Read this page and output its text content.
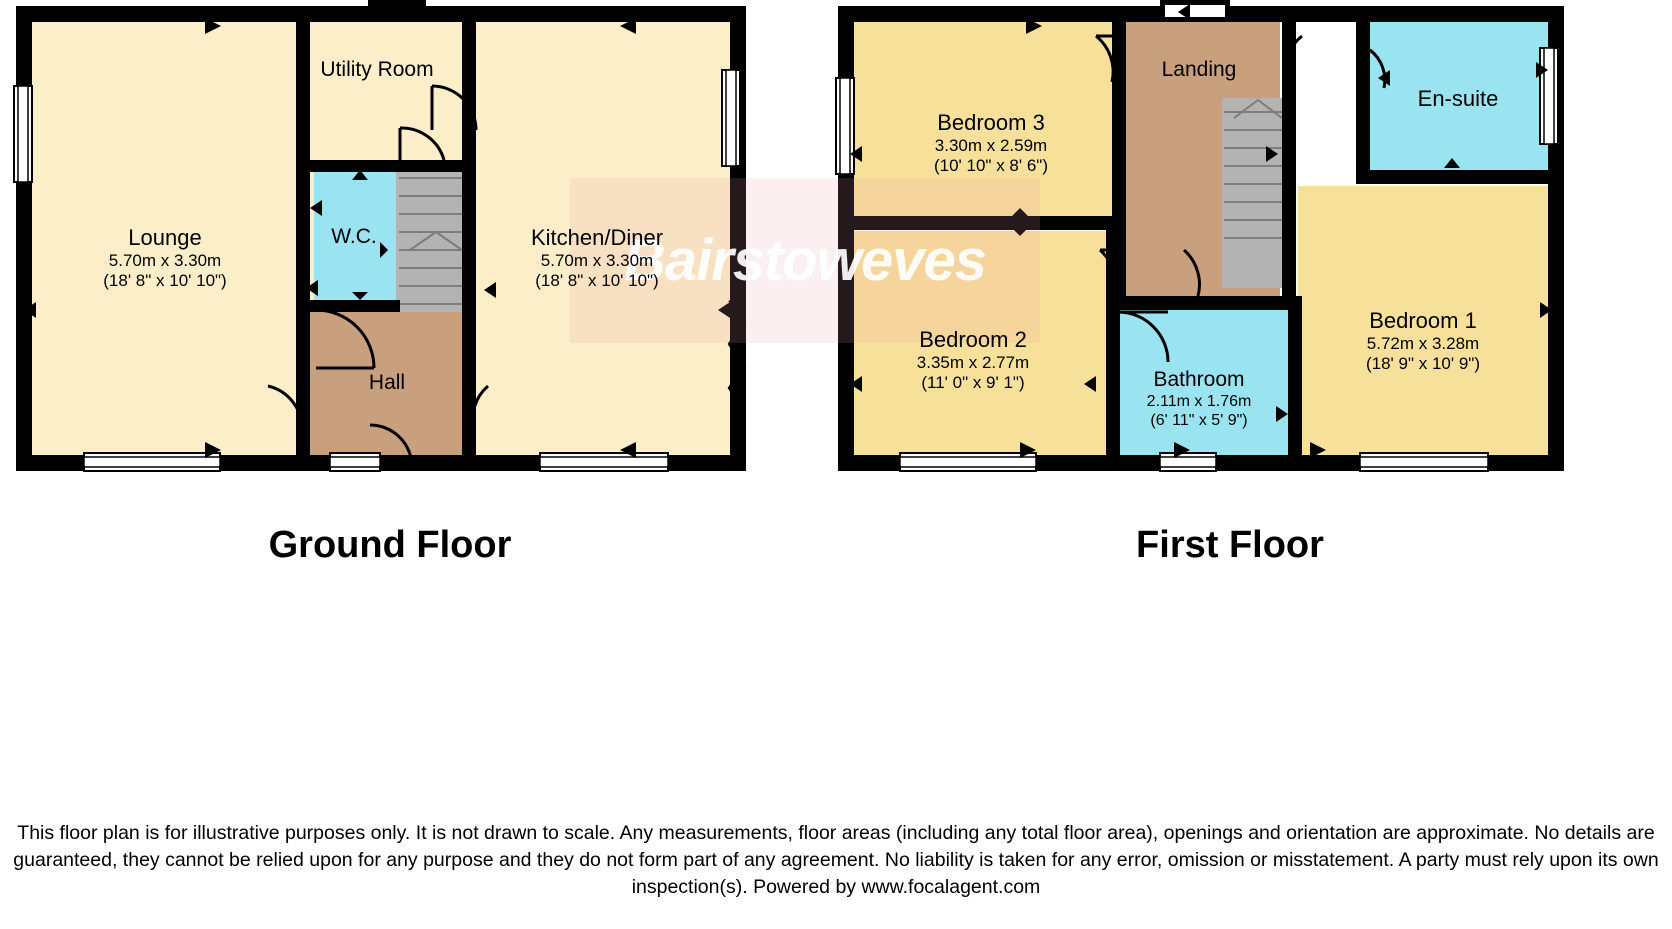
Bairstoweves
Lounge
5.70m x 3.30m
(18' 8" x 10' 10")
Utility Room
W.C.	Kitchen/Diner
5.70m x 3.30m
(18' 8" x 10' 10")
Hall
Landing
En-suite
Bedroom 3
3.30m x 2.59m
(10' 10" x 8' 6")
Bedroom 2
3.35m x 2.77m
(11' 0" x 9' 1")	Bathroom
2.11m x 1.76m
(6' 11" x 5' 9")
Bedroom 1
5.72m x 3.28m
(18' 9" x 10' 9")
Ground Floor	First Floor
This floor plan is for illustrative purposes only. It is not drawn to scale. Any measurements, floor areas (including any total floor area), openings and orientation are approximate. No details are guaranteed, they cannot be relied upon for any purpose and they do not form part of any agreement. No liability is taken for any error, omission or misstatement. A party must rely upon its own inspection(s). Powered by www.focalagent.com
